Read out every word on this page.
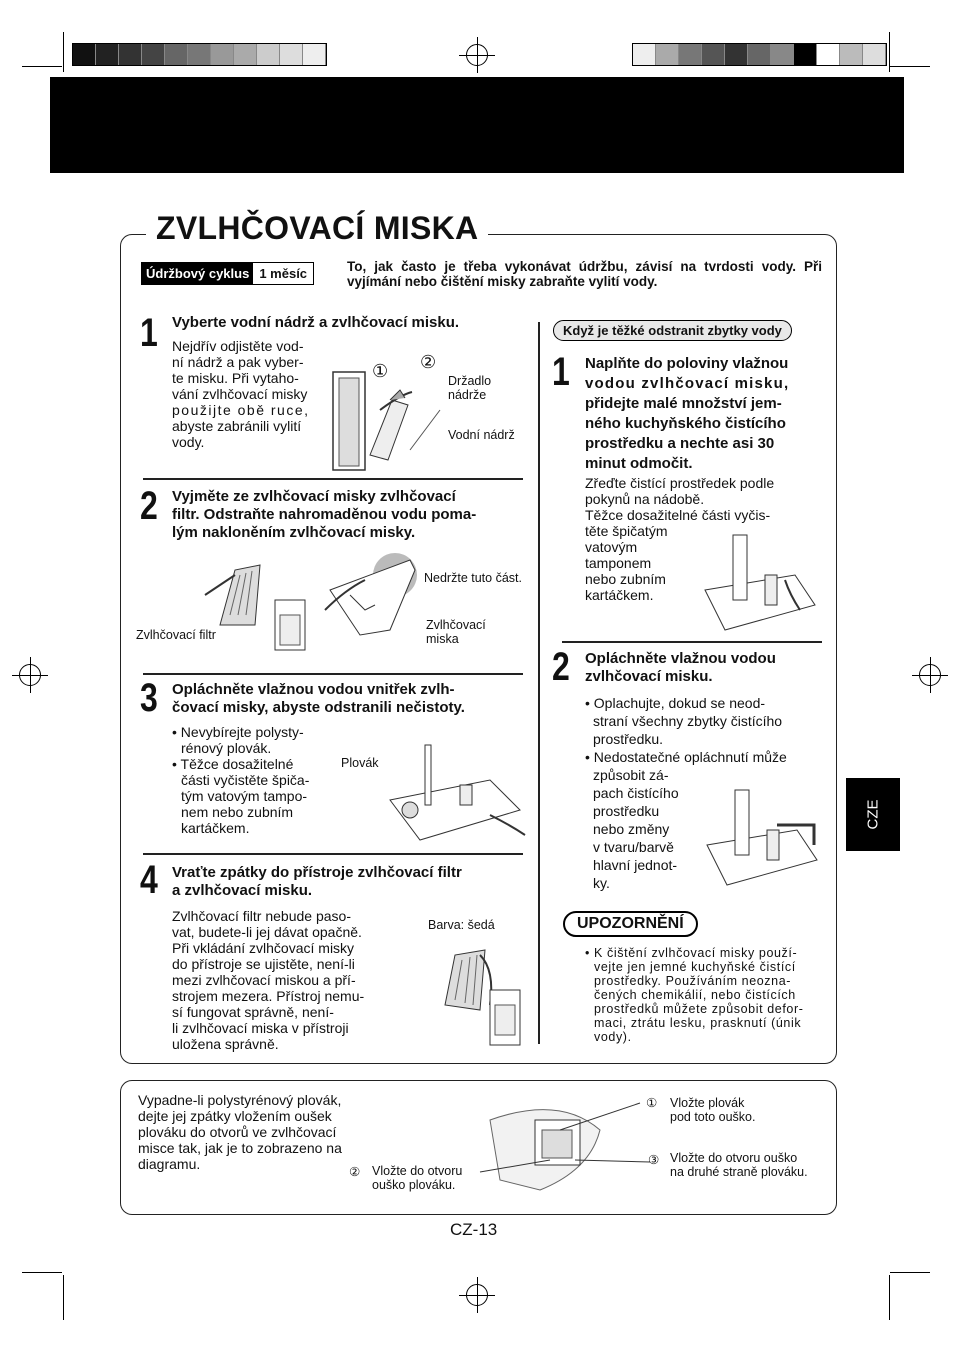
ZVLHČOVACÍ MISKA
Údržbový cyklus 1 měsíc	To, jak často je třeba vykonávat údržbu, závisí na tvrdosti vody. Při vyjímání nebo čištění misky zabraňte vylití vody.
1 Vyberte vodní nádrž a zvlhčovací misku.
Nejdřív odjistěte vod-
ní nádrž a pak vyber-
te misku. Při vytaho-
vání zvlhčovací misky
použijte obě ruce,
abyste zabránili vylití
vody.
① ②
Držadlo
nádrže
Vodní nádrž
2 Vyjměte ze zvlhčovací misky zvlhčovací
filtr. Odstraňte nahromaděnou vodu poma-
lým nakloněním zvlhčovací misky.
Nedržte tuto část.
Zvlhčovací filtr
Zvlhčovací
miska
3 Opláchněte vlažnou vodou vnitřek zvlh-
čovací misky, abyste odstranili nečistoty.
• Nevybírejte polysty-
rénový plovák.
• Těžce dosažitelné
části vyčistěte špiča-
tým vatovým tampo-
nem nebo zubním
kartáčkem.
Plovák
4 Vraťte zpátky do přístroje zvlhčovací filtr
a zvlhčovací misku.
Zvlhčovací filtr nebude paso-
vat, budete-li jej dávat opačně.
Při vkládání zvlhčovací misky
do přístroje se ujistěte, není-li
mezi zvlhčovací miskou a pří-
strojem mezera. Přístroj nemu-
sí fungovat správně, není-
li zvlhčovací miska v přístroji
uložena správně.
Barva: šedá
Když je těžké odstranit zbytky vody
1 Naplňte do poloviny vlažnou
vodou zvlhčovací misku,
přidejte malé množství jem-
ného kuchyňského čistícího
prostředku a nechte asi 30
minut odmočit.
Zřeďte čistící prostředek podle
pokynů na nádobě.
Těžce dosažitelné části vyčis-
těte špičatým
vatovým
tamponem
nebo zubním
kartáčkem.
2 Opláchněte vlažnou vodou
zvlhčovací misku.
• Oplachujte, dokud se neod-
straní všechny zbytky čistícího
prostředku.
• Nedostatečné opláchnutí může
způsobit zá-
pach čistícího
prostředku
nebo změny
v tvaru/barvě
hlavní jednot-
ky.
UPOZORNĚNÍ
• K čištění zvlhčovací misky použí-
vejte jen jemné kuchyňské čistící
prostředky. Používáním neozna-
čených chemikálií, nebo čistících
prostředků můžete způsobit defor-
maci, ztrátu lesku, prasknutí (únik
vody).
Vypadne-li polystyrénový plovák,
dejte jej zpátky vložením oušek
plováku do otvorů ve zvlhčovací
misce tak, jak je to zobrazeno na
diagramu.
① Vložte plovák
pod toto ouško.
② Vložte do otvoru
ouško plováku.
③ Vložte do otvoru ouško
na druhé straně plováku.
CZE
CZ-13
